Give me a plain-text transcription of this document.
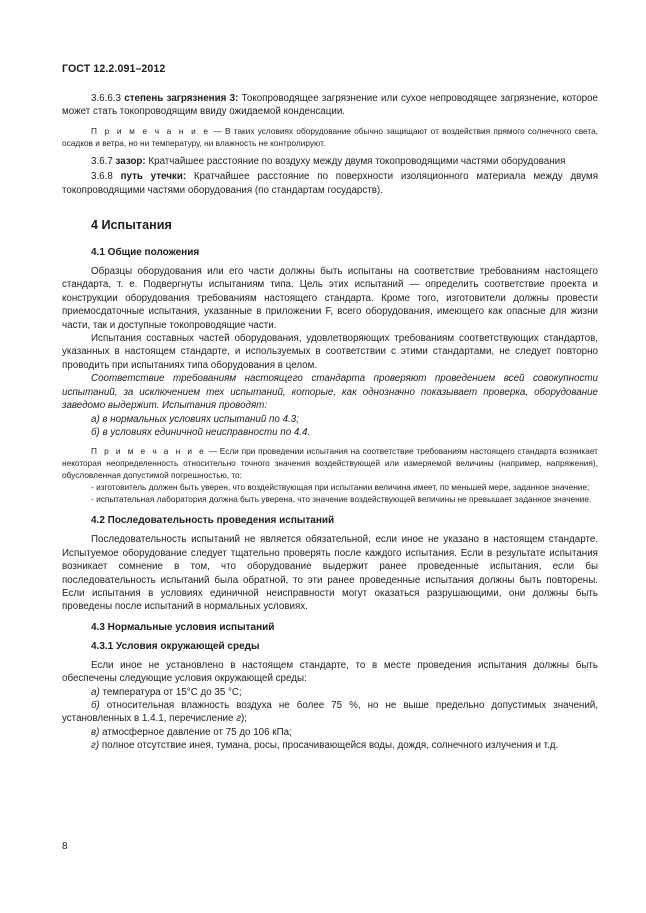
ГОСТ 12.2.091–2012

3.6.6.3 степень загрязнения 3: Токопроводящее загрязнение или сухое непроводящее загрязнение, которое может стать токопроводящим ввиду ожидаемой конденсации.

П р и м е ч а н и е — В таких условиях оборудование обычно защищают от воздействия прямого солнечного света, осадков и ветра, но ни температуру, ни влажность не контролируют.

3.6.7 зазор: Кратчайшее расстояние по воздуху между двумя токопроводящими частями оборудования

3.6.8 путь утечки: Кратчайшее расстояние по поверхности изоляционного материала между двумя токопроводящими частями оборудования (по стандартам государств).

4 Испытания
4.1 Общие положения

Образцы оборудования или его части должны быть испытаны на соответствие требованиям настоящего стандарта, т. е. Подвергнуты испытаниям типа. Цель этих испытаний — определить соответствие проекта и конструкции оборудования требованиям настоящего стандарта. Кроме того, изготовители должны провести приемосдаточные испытания, указанные в приложении F, всего оборудования, имеющего как опасные для жизни части, так и доступные токопроводящие части.

Испытания составных частей оборудования, удовлетворяющих требованиям соответствующих стандартов, указанных в настоящем стандарте, и используемых в соответствии с этими стандартами, не следует повторно проводить при испытаниях типа оборудования в целом.

Соответствие требованиям настоящего стандарта проверяют проведением всей совокупности испытаний, за исключением тех испытаний, которые, как однозначно показывает проверка, оборудование заведомо выдержит. Испытания проводят:

а) в нормальных условиях испытаний по 4.3;

б) в условиях единичной неисправности по 4.4.

П р и м е ч а н и е — Если при проведении испытания на соответствие требованиям настоящего стандарта возникает некоторая неопределенность относительно точного значения воздействующей или измеряемой величины (например, напряжения), обусловленная допустимой погрешностью, то:

- изготовитель должен быть уверен, что воздействующая при испытании величина имеет, по меньшей мере, заданное значение;

- испытательная лаборатория должна быть уверена, что значение воздействующей величины не превышает заданное значение.

4.2 Последовательность проведения испытаний

Последовательность испытаний не является обязательной, если иное не указано в настоящем стандарте. Испытуемое оборудование следует тщательно проверять после каждого испытания. Если в результате испытания возникает сомнение в том, что оборудование выдержит ранее проведенные испытания, если бы последовательность испытаний была обратной, то эти ранее проведенные испытания должны быть повторены. Если испытания в условиях единичной неисправности могут оказаться разрушающими, они должны быть проведены после испытаний в нормальных условиях.

4.3 Нормальные условия испытаний
4.3.1 Условия окружающей среды

Если иное не установлено в настоящем стандарте, то в месте проведения испытания должны быть обеспечены следующие условия окружающей среды:

а) температура от 15°С до 35 °С;

б) относительная влажность воздуха не более 75 %, но не выше предельно допустимых значений, установленных в 1.4.1, перечисление г);

в) атмосферное давление от 75 до 106 кПа;

г) полное отсутствие инея, тумана, росы, просачивающейся воды, дождя, солнечного излучения и т.д.

8
